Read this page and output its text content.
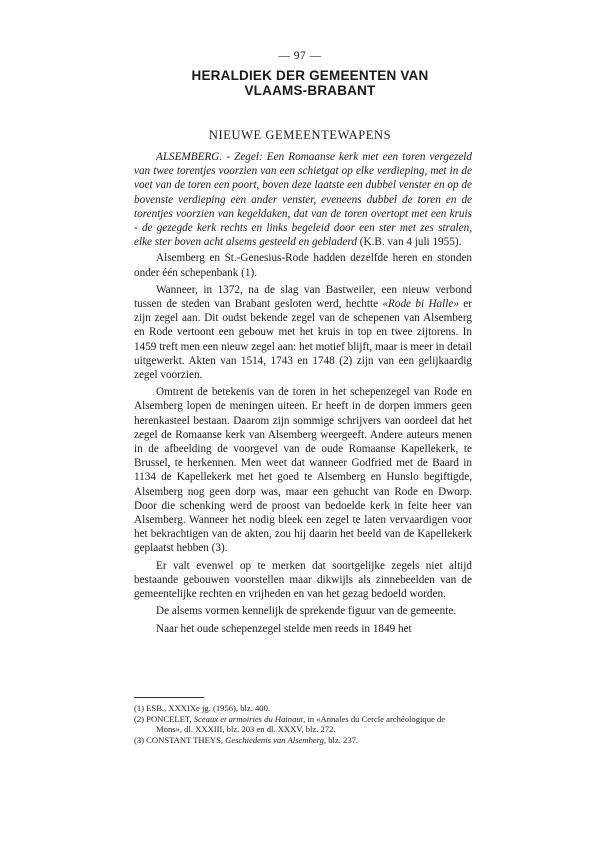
— 97 —
HERALDIEK DER GEMEENTEN VAN
VLAAMS-BRABANT
NIEUWE GEMEENTEWAPENS

ALSEMBERG. - Zegel: Een Romaanse kerk met een toren vergezeld van twee torentjes voorzien van een schietgat op elke verdieping, met in de voet van de toren een poort, boven deze laatste een dubbel venster en op de bovenste verdieping een ander venster, eveneens dubbel de toren en de torentjes voorzien van kegeldaken, dat van de toren overtopt met een kruis - de gezegde kerk rechts en links begeleid door een ster met zes stralen, elke ster boven acht alsems gesteeld en gebladerd (K.B. van 4 juli 1955).

Alsemberg en St.-Genesius-Rode hadden dezelfde heren en stonden onder één schepenbank (1).

Wanneer, in 1372, na de slag van Bastweiler, een nieuw verbond tussen de steden van Brabant gesloten werd, hechtte «Rode bi Halle» er zijn zegel aan. Dit oudst bekende zegel van de schepenen van Alsemberg en Rode vertoont een gebouw met het kruis in top en twee zijtorens. In 1459 treft men een nieuw zegel aan: het motief blijft, maar is meer in detail uitgewerkt. Akten van 1514, 1743 en 1748 (2) zijn van een gelijkaardig zegel voorzien.

Omtrent de betekenis van de toren in het schepenzegel van Rode en Alsemberg lopen de meningen uiteen. Er heeft in de dorpen immers geen herenkasteel bestaan. Daarom zijn sommige schrijvers van oordeel dat het zegel de Romaanse kerk van Alsemberg weergeeft. Andere auteurs menen in de afbeelding de voorgevel van de oude Romaanse Kapellekerk, te Brussel, te herkennen. Men weet dat wanneer Godfried met de Baard in 1134 de Kapellekerk met het goed te Alsemberg en Hunslo begiftigde, Alsemberg nog geen dorp was, maar een gehucht van Rode en Dworp. Door die schenking werd de proost van bedoelde kerk in feite heer van Alsemberg. Wanneer het nodig bleek een zegel te laten vervaardigen voor het bekrachtigen van de akten, zou hij daarin het beeld van de Kapellekerk geplaatst hebben (3).

Er valt evenwel op te merken dat soortgelijke zegels niet altijd bestaande gebouwen voorstellen maar dikwijls als zinnebeelden van de gemeentelijke rechten en vrijheden en van het gezag bedoeld worden.

De alsems vormen kennelijk de sprekende figuur van de gemeente.

Naar het oude schepenzegel stelde men reeds in 1849 het

(1) ESB., XXXIXe jg. (1956), blz. 400.
(2) PONCELET, Sceaux et armoiries du Hainaut, in «Annales du Cercle archéologique de Mons», dl. XXXIII, blz. 203 en dl. XXXV, blz. 272.
(3) CONSTANT THEYS, Geschiedenis van Alsemberg, blz. 237.
